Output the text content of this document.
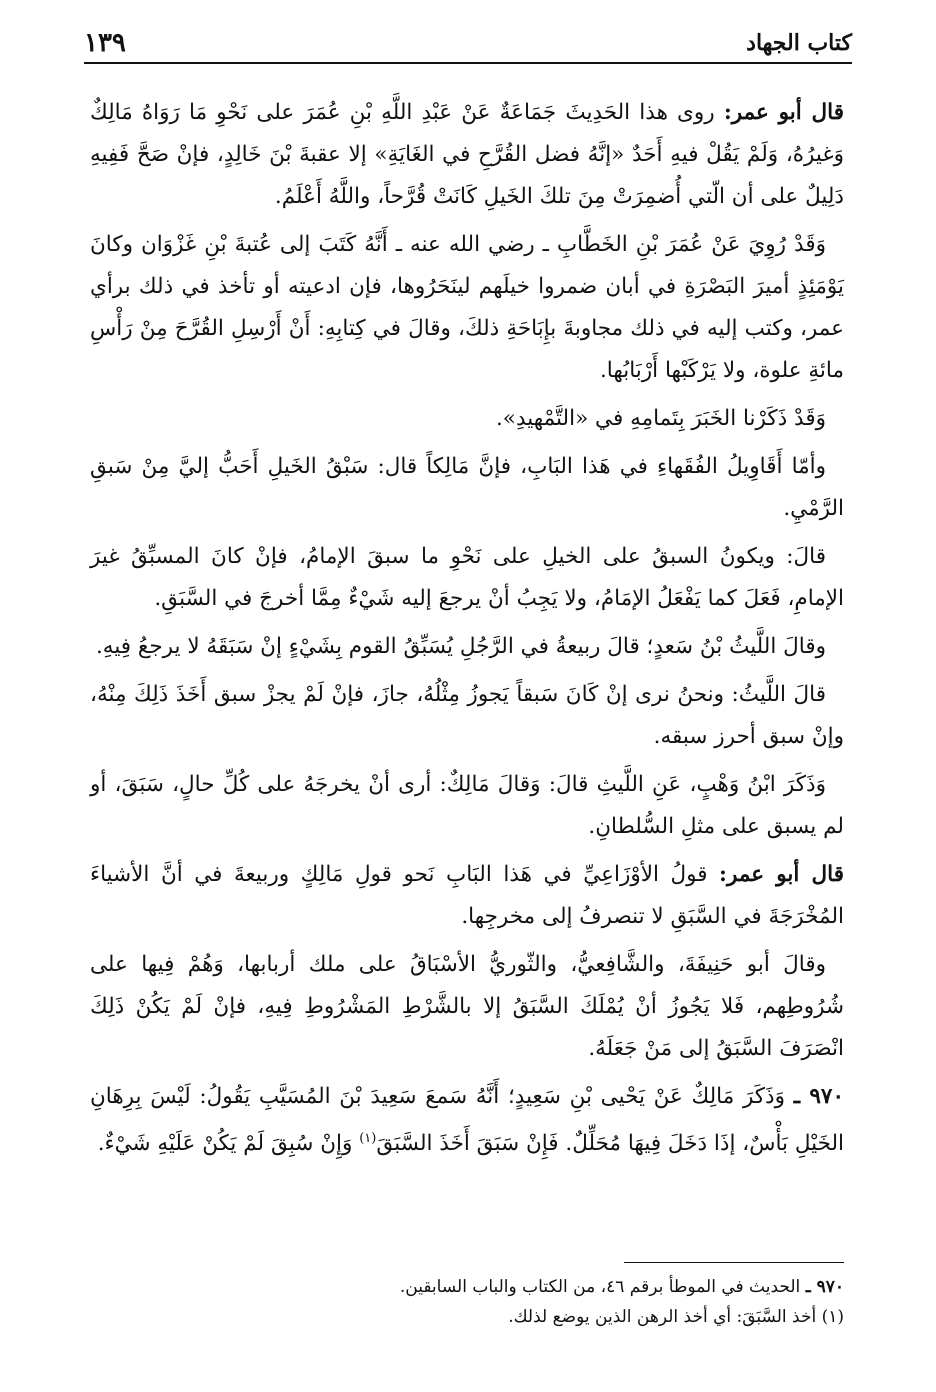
كتاب الجهاد
١٣٩

قال أبو عمر: روى هذا الحَدِيثَ جَمَاعَةٌ عَنْ عَبْدِ اللَّهِ بْنِ عُمَرَ على نَحْوِ مَا رَوَاهُ مَالِكٌ وَغيرُهُ، وَلَمْ يَقُلْ فيهِ أَحَدٌ «إنَّهُ فضل القُرَّحِ في الغَايَةِ» إلا عقبةَ بْنَ خَالِدٍ، فإنْ صَحَّ فَفِيهِ دَلِيلٌ على أن الّتي أُضمِرَتْ مِنَ تلكَ الخَيلِ كَانَتْ قُرَّحاً، واللَّهُ أَعْلَمُ.

وَقَدْ رُوِيَ عَنْ عُمَرَ بْنِ الخَطَّابِ ـ رضي الله عنه ـ أَنَّهُ كَتَبَ إلى عُتبةَ بْنِ غَزْوَان وكانَ يَوْمَئِذٍ أميرَ البَصْرَةِ في أبان ضمروا خيلَهم لينَحَرُوها، فإن ادعيته أو تأخذ في ذلك برأي عمر، وكتب إليه في ذلك مجاوبةَ بإِبَاحَةِ ذلكَ، وقالَ في كِتابِهِ: أَنْ أَرْسِلِ القُرَّحَ مِنْ رَأْسِ مائةِ علوة، ولا يَرْكَبْها أَرْبَابُها.

وَقَدْ ذَكَرْنا الخَبَرَ بِتَمامِهِ في «التَّمْهيدِ».

وأمّا أَقَاوِيلُ الفُقَهاءِ في هَذا البَابِ، فإنَّ مَالِكاً قال: سَبْقُ الخَيلِ أَحَبُّ إليَّ مِنْ سَبقِ الرَّمْيِ.

قالَ: ويكونُ السبقُ على الخيلِ على نَحْوِ ما سبقَ الإمامُ، فإنْ كانَ المسبِّقُ غيرَ الإمامِ، فَعَلَ كما يَفْعَلُ الإمَامُ، ولا يَجِبُ أنْ يرجعَ إليه شَيْءٌ مِمَّا أخرجَ في السَّبَقِ.

وقالَ اللَّيثُ بْنُ سَعدٍ؛ قالَ ربيعةُ في الرَّجُلِ يُسَبِّقُ القوم بِشَيْءٍ إنْ سَبَقَهُ لا يرجعُ فِيهِ.

قالَ اللَّيثُ: ونحنُ نرى إنْ كَانَ سَبقاً يَجوزُ مِثْلُهُ، جازَ، فإنْ لَمْ يجزْ سبق أَخَذَ ذَلِكَ مِنْهُ، وإنْ سبق أحرز سبقه.

وَذَكَرَ ابْنُ وَهْبٍ، عَنِ اللَّيثِ قالَ: وَقالَ مَالِكٌ: أرى أنْ يخرجَهُ على كُلِّ حالٍ، سَبَقَ، أو لم يسبق على مثلِ السُّلطانِ.

قال أبو عمر: قولُ الأوْزَاعِيِّ في هَذا البَابِ نَحو قولِ مَالِكٍ وربيعةَ في أنَّ الأشياءَ المُخْرَجَةَ في السَّبَقِ لا تنصرفُ إلى مخرجِها.

وقالَ أبو حَنِيفَةَ، والشَّافِعيُّ، والثّوريُّ الأسْبَاقُ على ملك أربابها، وَهُمْ فِيها على شُرُوطِهم، فَلا يَجُوزُ أنْ يُمْلَكَ السَّبَقُ إلا بالشَّرْطِ المَشْرُوطِ فِيهِ، فإنْ لَمْ يَكُنْ ذَلِكَ انْصَرَفَ السَّبَقُ إلى مَنْ جَعَلَهُ.

٩٧٠ ـ وَذَكَرَ مَالِكٌ عَنْ يَحْيى بْنِ سَعِيدٍ؛ أَنَّهُ سَمعَ سَعِيدَ بْنَ المُسَيَّبِ يَقُولُ: لَيْسَ بِرِهَانِ الخَيْلِ بَأْسٌ، إذَا دَخَلَ فِيهَا مُحَلِّلٌ. فَإِنْ سَبَقَ أَخَذَ السَّبَقَ$^{(١)}$ وَإِنْ سُبِقَ لَمْ يَكُنْ عَلَيْهِ شَيْءٌ.

٩٧٠ ـ الحديث في الموطأ برقم ٤٦، من الكتاب والباب السابقين.

(١) أخذ السَّبَقَ: أي أخذ الرهن الذين يوضع لذلك.
